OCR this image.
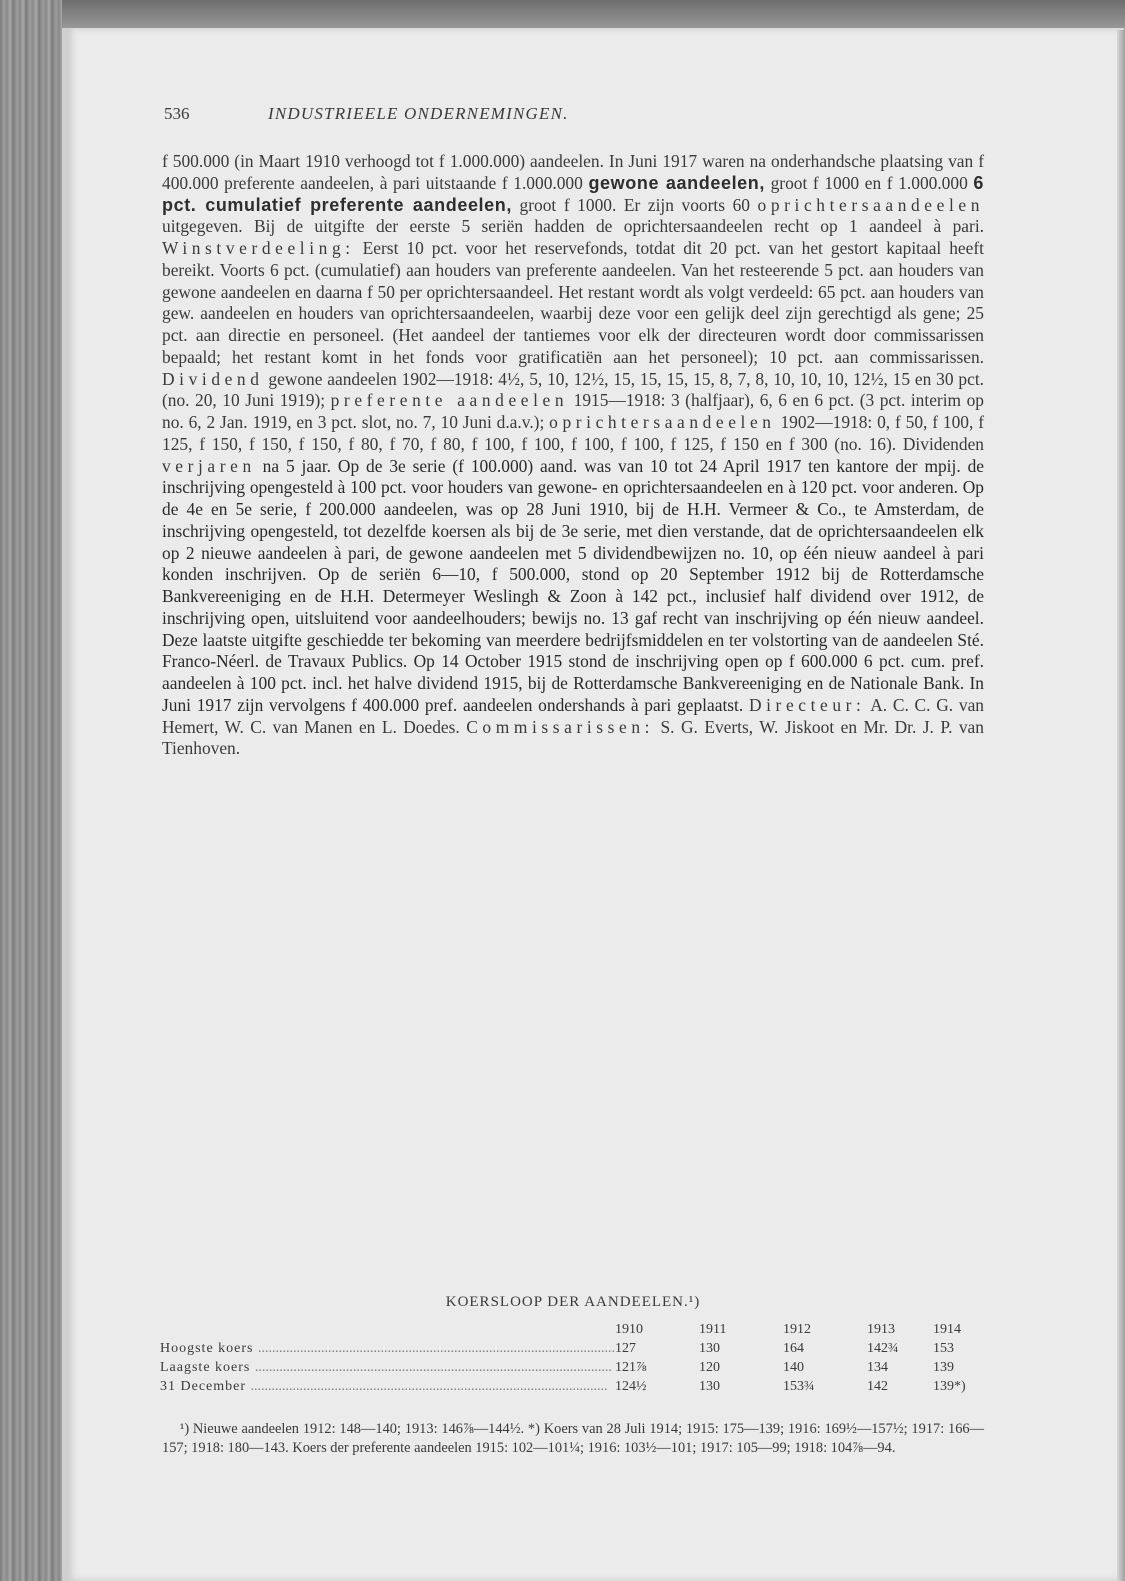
536	INDUSTRIEELE ONDERNEMINGEN.

f 500.000 (in Maart 1910 verhoogd tot f 1.000.000) aandeelen. In Juni 1917 waren na onderhandsche plaatsing van f 400.000 preferente aandeelen, à pari uitstaande f 1.000.000 gewone aandeelen, groot f 1000 en f 1.000.000 6 pct. cumulatief preferente aandeelen, groot f 1000. Er zijn voorts 60 oprichtersaandeelen uitgegeven. Bij de uitgifte der eerste 5 seriën hadden de oprichtersaandeelen recht op 1 aandeel à pari. Winstverdeeling: Eerst 10 pct. voor het reservefonds, totdat dit 20 pct. van het gestort kapitaal heeft bereikt. Voorts 6 pct. (cumulatief) aan houders van preferente aandeelen. Van het resteerende 5 pct. aan houders van gewone aandeelen en daarna f 50 per oprichtersaandeel. Het restant wordt als volgt verdeeld: 65 pct. aan houders van gew. aandeelen en houders van oprichtersaandeelen, waarbij deze voor een gelijk deel zijn gerechtigd als gene; 25 pct. aan directie en personeel. (Het aandeel der tantiemes voor elk der directeuren wordt door commissarissen bepaald; het restant komt in het fonds voor gratificatiën aan het personeel); 10 pct. aan commissarissen. Dividend gewone aandeelen 1902—1918: 4½, 5, 10, 12½, 15, 15, 15, 15, 8, 7, 8, 10, 10, 10, 12½, 15 en 30 pct. (no. 20, 10 Juni 1919); preferente aandeelen 1915—1918: 3 (halfjaar), 6, 6 en 6 pct. (3 pct. interim op no. 6, 2 Jan. 1919, en 3 pct. slot, no. 7, 10 Juni d.a.v.); oprichtersaandeelen 1902—1918: 0, f 50, f 100, f 125, f 150, f 150, f 150, f 80, f 70, f 80, f 100, f 100, f 100, f 100, f 125, f 150 en f 300 (no. 16). Dividenden verjaren na 5 jaar. Op de 3e serie (f 100.000) aand. was van 10 tot 24 April 1917 ten kantore der mpij. de inschrijving opengesteld à 100 pct. voor houders van gewone- en oprichtersaandeelen en à 120 pct. voor anderen. Op de 4e en 5e serie, f 200.000 aandeelen, was op 28 Juni 1910, bij de H.H. Vermeer & Co., te Amsterdam, de inschrijving opengesteld, tot dezelfde koersen als bij de 3e serie, met dien verstande, dat de oprichtersaandeelen elk op 2 nieuwe aandeelen à pari, de gewone aandeelen met 5 dividendbewijzen no. 10, op één nieuw aandeel à pari konden inschrijven. Op de seriën 6—10, f 500.000, stond op 20 September 1912 bij de Rotterdamsche Bankvereeniging en de H.H. Determeyer Weslingh & Zoon à 142 pct., inclusief half dividend over 1912, de inschrijving open, uitsluitend voor aandeelhouders; bewijs no. 13 gaf recht van inschrijving op één nieuw aandeel. Deze laatste uitgifte geschiedde ter bekoming van meerdere bedrijfsmiddelen en ter volstorting van de aandeelen Sté. Franco-Néerl. de Travaux Publics. Op 14 October 1915 stond de inschrijving open op f 600.000 6 pct. cum. pref. aandeelen à 100 pct. incl. het halve dividend 1915, bij de Rotterdamsche Bankvereeniging en de Nationale Bank. In Juni 1917 zijn vervolgens f 400.000 pref. aandeelen ondershands à pari geplaatst. Directeur: A. C. C. G. van Hemert, W. C. van Manen en L. Doedes. Commissarissen: S. G. Everts, W. Jiskoot en Mr. Dr. J. P. van Tienhoven.

KOERSLOOP DER AANDEELEN.¹)
	1910	1911	1912	1913	1914

Hoogste koers ......................................................................................................	127	130	164	142¾	153

Laagste koers ......................................................................................................	121⅞	120	140	134	139

31 December ......................................................................................................	124½	130	153¾	142	139*)

¹) Nieuwe aandeelen 1912: 148—140; 1913: 146⅞—144½. *) Koers van 28 Juli 1914; 1915: 175—139; 1916: 169½—157½; 1917: 166—157; 1918: 180—143. Koers der preferente aandeelen 1915: 102—101¼; 1916: 103½—101; 1917: 105—99; 1918: 104⅞—94.
